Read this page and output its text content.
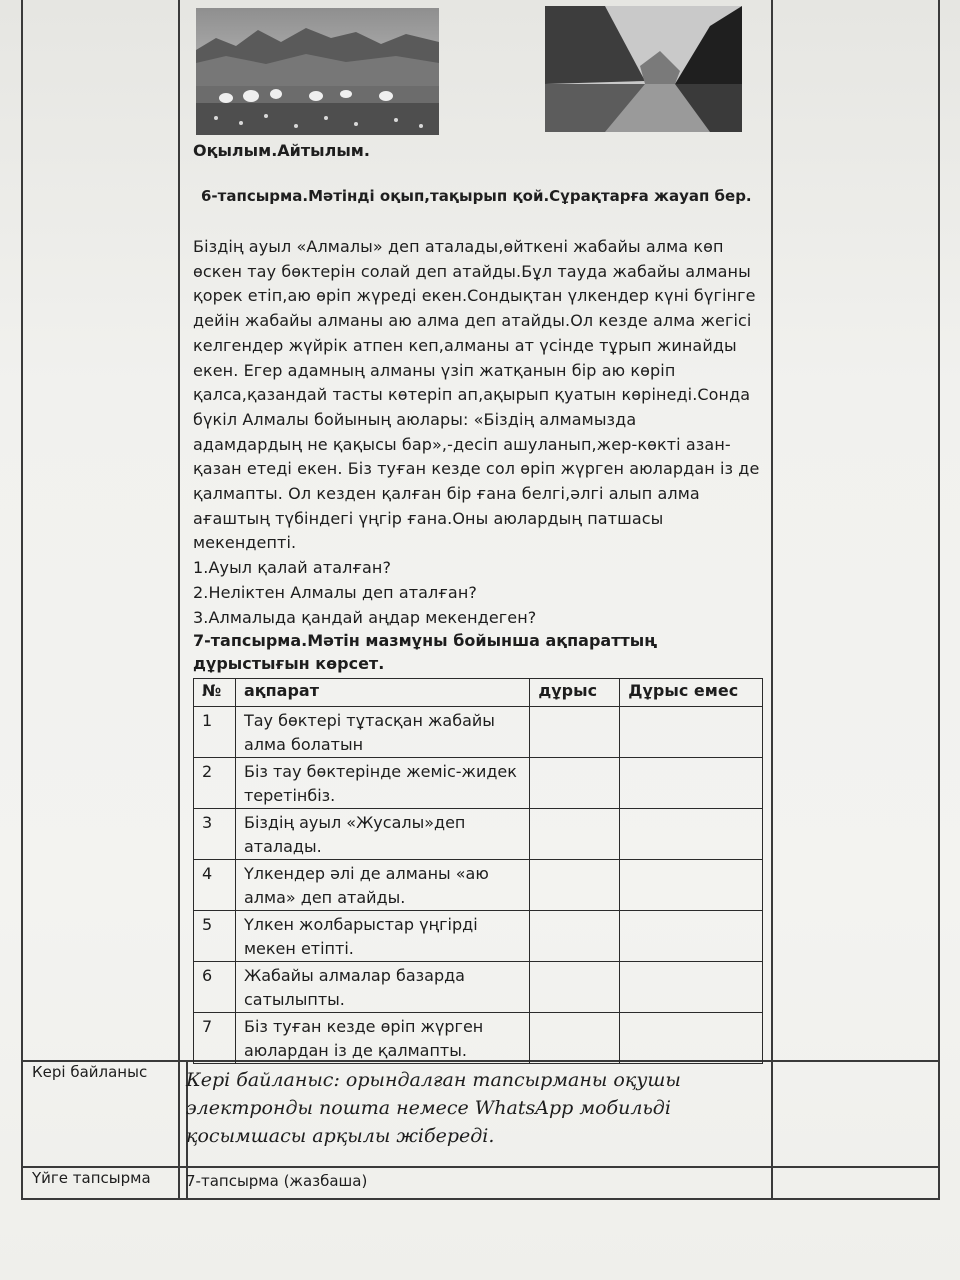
Оқылым.Айтылым.
6-тапсырма.Мәтінді оқып,тақырып қой.Сұрақтарға жауап бер.
Біздің ауыл «Алмалы» деп аталады,өйткені жабайы алма көп
өскен тау бөктерін солай деп атайды.Бұл тауда жабайы алманы
қорек етіп,аю өріп жүреді екен.Сондықтан үлкендер күні бүгінге
дейін жабайы алманы аю алма деп атайды.Ол кезде алма жегісі
келгендер жүйрік атпен кеп,алманы ат үсінде тұрып жинайды
екен. Егер адамның алманы үзіп жатқанын бір аю көріп
қалса,қазандай тасты көтеріп ап,ақырып қуатын көрінеді.Сонда
бүкіл Алмалы бойының аюлары: «Біздің алмамызда
адамдардың не қақысы бар»,-десіп ашуланып,жер-көкті азан-
қазан етеді екен. Біз туған кезде сол өріп жүрген аюлардан із де
қалмапты. Ол кезден қалған бір ғана белгі,әлгі алып алма
ағаштың түбіндегі үңгір ғана.Оны аюлардың патшасы
мекендепті.
1.Ауыл қалай аталған?
2.Неліктен Алмалы деп аталған?
3.Алмалыда қандай аңдар мекендеген?
7-тапсырма.Мәтін мазмұны бойынша ақпараттың дұрыстығын көрсет.
№	ақпарат	дұрыс	Дұрыс емес
1	Тау бөктері тұтасқан жабайы алма болатын		
2	Біз тау бөктерінде жеміс-жидек теретінбіз.		
3	Біздің ауыл «Жусалы»деп аталады.		
4	Үлкендер әлі де алманы «аю алма» деп атайды.		
5	Үлкен жолбарыстар үңгірді мекен етіпті.		
6	Жабайы алмалар базарда сатылыпты.		
7	Біз туған кезде өріп жүрген аюлардан із де қалмапты.		
Кері байланыс Кері байланыс: орындалған тапсырманы оқушы электронды пошта немесе WhatsApp мобильді қосымшасы арқылы жібереді.
Үйге тапсырма 7-тапсырма (жазбаша)
